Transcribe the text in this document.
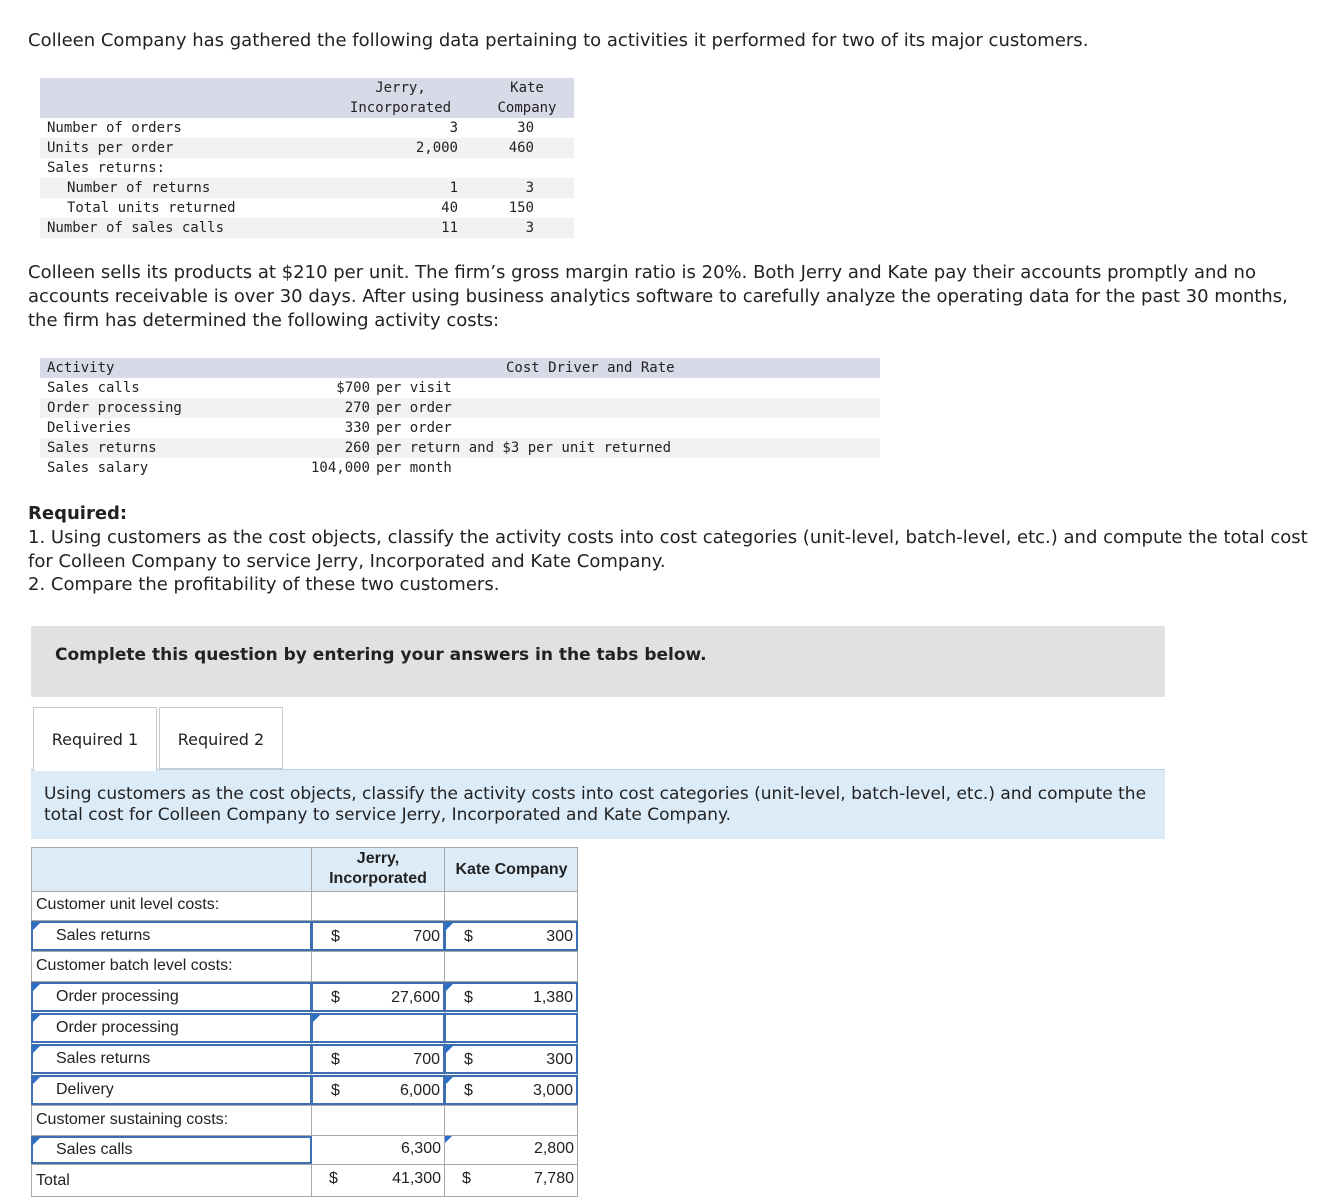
Colleen Company has gathered the following data pertaining to activities it performed for two of its major customers.
Jerry,
Incorporated
Kate
Company
Number of orders	3	30
Units per order	2,000	460
Sales returns:
Number of returns	1	3
Total units returned	40	150
Number of sales calls	11	3
Colleen sells its products at $210 per unit. The firm’s gross margin ratio is 20%. Both Jerry and Kate pay their accounts promptly and no accounts receivable is over 30 days. After using business analytics software to carefully analyze the operating data for the past 30 months, the firm has determined the following activity costs:
Activity	Cost Driver and Rate
Sales calls	$700 per visit
Order processing	270 per order
Deliveries	330 per order
Sales returns	260 per return and $3 per unit returned
Sales salary	104,000 per month
Required:
1. Using customers as the cost objects, classify the activity costs into cost categories (unit-level, batch-level, etc.) and compute the total cost for Colleen Company to service Jerry, Incorporated and Kate Company.
2. Compare the profitability of these two customers.
Complete this question by entering your answers in the tabs below.
Required 1	Required 2
Using customers as the cost objects, classify the activity costs into cost categories (unit-level, batch-level, etc.) and compute the total cost for Colleen Company to service Jerry, Incorporated and Kate Company.
Jerry,
Incorporated
Kate Company
Customer unit level costs:
Sales returns	$	700 $	300
Customer batch level costs:
Order processing	$	27,600 $	1,380
Order processing
Sales returns	$	700 $	300
Delivery	$	6,000 $	3,000
Customer sustaining costs:
Sales calls	6,300	2,800
Total	$	41,300 $	7,780
